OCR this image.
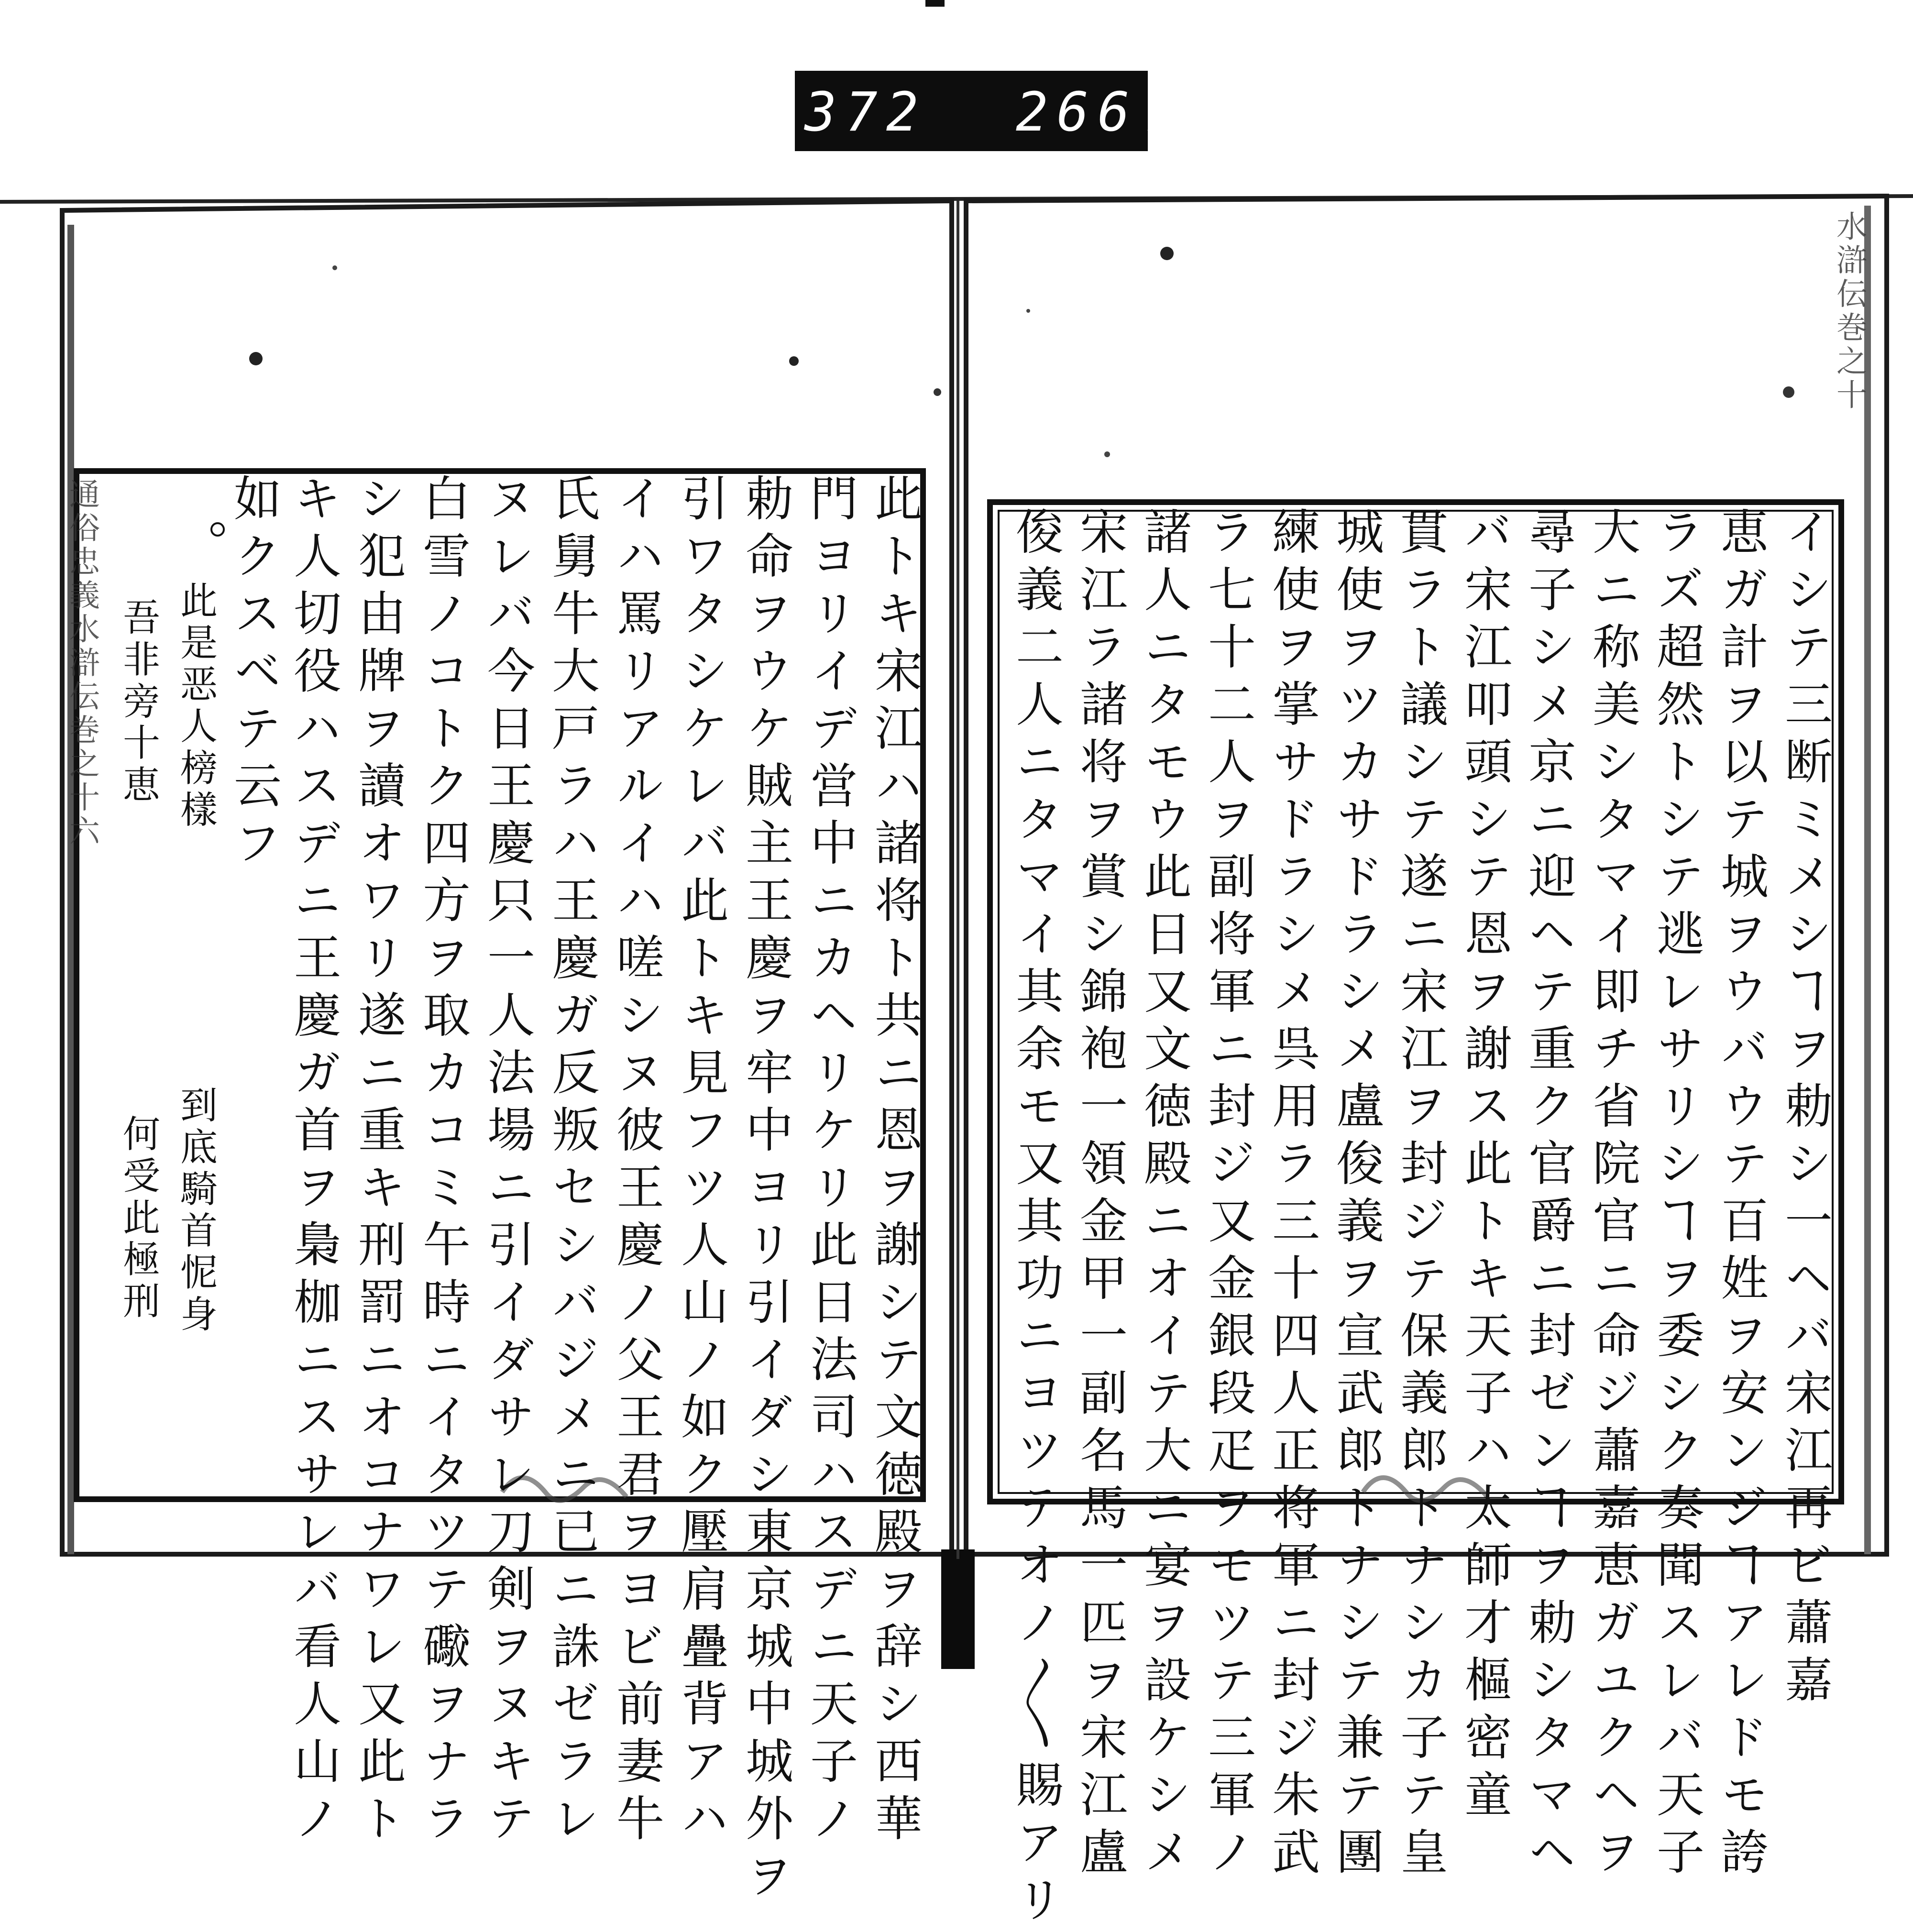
372 266.
水滸伝巻之十
イシテ三断ミメシヿヲ勅シ一ヘバ宋江再ビ蕭嘉
恵ガ計ヲ以テ城ヲウバウテ百姓ヲ安ンジヿアレドモ誇
ラズ超然トシテ逃レサリシヿヲ委シク奏聞スレバ天子
大ニ称美シタマイ即チ省院官ニ命ジ蕭嘉恵ガユクヘヲ
尋子シメ京ニ迎ヘテ重ク官爵ニ封ゼンヿヲ勅シタマヘ
バ宋江叩頭シテ恩ヲ謝ス此トキ天子ハ太師才樞密童
貫ラト議シテ遂ニ宋江ヲ封ジテ保義郎トナシカ子テ皇
城使ヲツカサドラシメ盧俊義ヲ宣武郎トナシテ兼テ團
練使ヲ掌サドラシメ呉用ラ三十四人正将軍ニ封ジ朱武
ラ七十二人ヲ副将軍ニ封ジ又金銀段疋ヲモツテ三軍ノ
諸人ニタモウ此日又文徳殿ニオイテ大ニ宴ヲ設ケシメ
宋江ラ諸将ヲ賞シ錦袍一領金甲一副名馬一匹ヲ宋江盧
俊義二人ニタマイ其余モ又其功ニヨツテオノ〳〵賜アリ
通俗忠義水滸伝巻之十六	此トキ宋江ハ諸将ト共ニ恩ヲ謝シテ文徳殿ヲ辞シ西華
門ヨリイデ営中ニカヘリケリ此日法司ハスデニ天子ノ
勅命ヲウケ賊主王慶ヲ牢中ヨリ引イダシ東京城中城外ヲ
引ワタシケレバ此トキ見フツ人山ノ如ク壓肩疊背アハ
イハ罵リアルイハ嗟シヌ彼王慶ノ父王君ヲヨビ前妻牛
氏舅牛大戸ラハ王慶ガ反叛セシバジメニ已ニ誅ゼラレ
ヌレバ今日王慶只一人法場ニ引イダサレ刀剣ヲヌキテ
白雪ノコトク四方ヲ取カコミ午時ニイタツテ礮ヲナラ
シ犯由牌ヲ讀オワリ遂ニ重キ刑罰ニオコナワレ又此ト
キ人切役ハスデニ王慶ガ首ヲ梟枷ニスサレバ看人山ノ
如クスベテ云フ
此是恶人榜樣
吾非旁十恵
到底騎首怩身
何受此極刑
